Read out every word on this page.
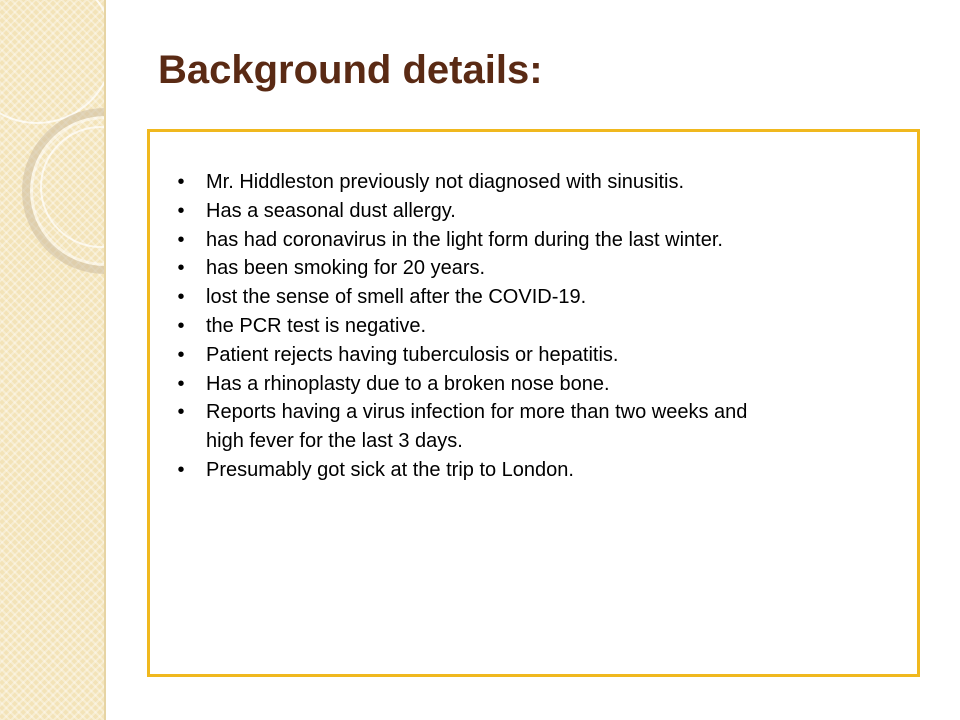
Background details:
• Mr. Hiddleston previously not diagnosed with sinusitis.
• Has a seasonal dust allergy.
• has had coronavirus in the light form during the last winter.
• has been smoking for 20 years.
• lost the sense of smell after the COVID-19.
• the PCR test is negative.
• Patient rejects having tuberculosis or hepatitis.
• Has a rhinoplasty due to a broken nose bone.
• Reports having a virus infection for more than two weeks and high fever for the last 3 days.
• Presumably got sick at the trip to London.
